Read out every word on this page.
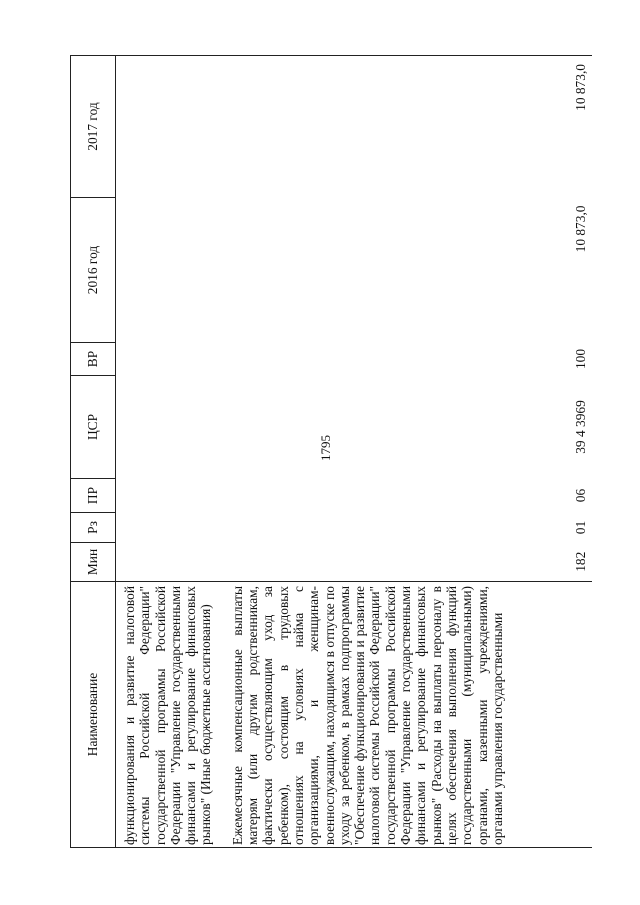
1795
Наименование	Мин	Рз	ПР	ЦСР	ВР	2016 год	2017 год

функционирования и развитие налоговой системы Российской Федерации" государственной программы Российской Федерации "Управление государственными финансами и регулирование финансовых рынков" (Иные бюджетные ассигнования) Ежемесячные компенсационные выплаты матерям (или другим родственникам, фактически осуществляющим уход за ребенком), состоящим в трудовых отношениях на условиях найма с организациями, и женщинам-военнослужащим, находящимся в отпуске по уходу за ребенком, в рамках подпрограммы "Обеспечение функционирования и развитие налоговой системы Российской Федерации" государственной программы Российской Федерации "Управление государственными финансами и регулирование финансовых рынков" (Расходы на выплаты персоналу в целях обеспечения выполнения функций государственными (муниципальными) органами, казенными учреждениями, органами управления государственными	182	01	06	39 4 3969	100	10 873,0	10 873,0
